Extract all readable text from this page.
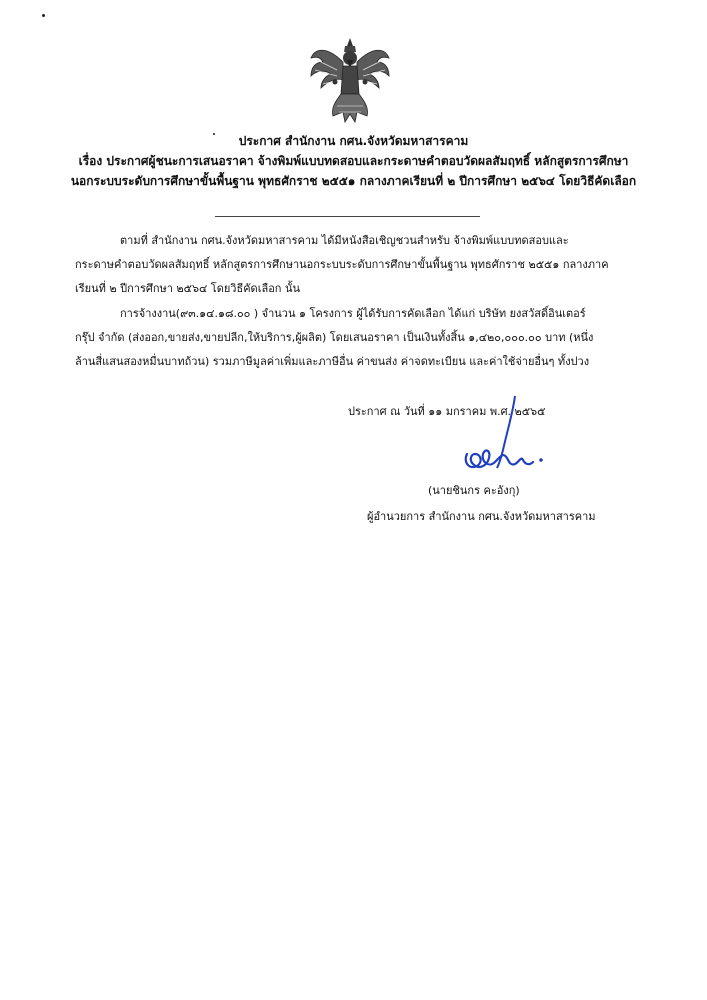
ประกาศ สำนักงาน กศน.จังหวัดมหาสารคาม
เรื่อง ประกาศผู้ชนะการเสนอราคา จ้างพิมพ์แบบทดสอบและกระดาษคำตอบวัดผลสัมฤทธิ์ หลักสูตรการศึกษา
นอกระบบระดับการศึกษาขั้นพื้นฐาน พุทธศักราช ๒๕๕๑ กลางภาคเรียนที่ ๒ ปีการศึกษา ๒๕๖๔ โดยวิธีคัดเลือก
ตามที่ สำนักงาน กศน.จังหวัดมหาสารคาม ได้มีหนังสือเชิญชวนสำหรับ จ้างพิมพ์แบบทดสอบและ
กระดาษคำตอบวัดผลสัมฤทธิ์ หลักสูตรการศึกษานอกระบบระดับการศึกษาขั้นพื้นฐาน พุทธศักราช ๒๕๕๑ กลางภาค
เรียนที่ ๒ ปีการศึกษา ๒๕๖๔ โดยวิธีคัดเลือก นั้น
การจ้างงาน(๙๓.๑๔.๑๘.๐๐ ) จำนวน ๑ โครงการ ผู้ได้รับการคัดเลือก ได้แก่ บริษัท ยงสวัสดิ์อินเตอร์
กรุ๊ป จำกัด (ส่งออก,ขายส่ง,ขายปลีก,ให้บริการ,ผู้ผลิต) โดยเสนอราคา เป็นเงินทั้งสิ้น ๑,๔๒๐,๐๐๐.๐๐ บาท (หนึ่ง
ล้านสี่แสนสองหมื่นบาทถ้วน) รวมภาษีมูลค่าเพิ่มและภาษีอื่น ค่าขนส่ง ค่าจดทะเบียน และค่าใช้จ่ายอื่นๆ ทั้งปวง
ประกาศ ณ วันที่ ๑๑ มกราคม พ.ศ. ๒๕๖๕
(นายชินกร คะอังกุ)
ผู้อำนวยการ สำนักงาน กศน.จังหวัดมหาสารคาม
